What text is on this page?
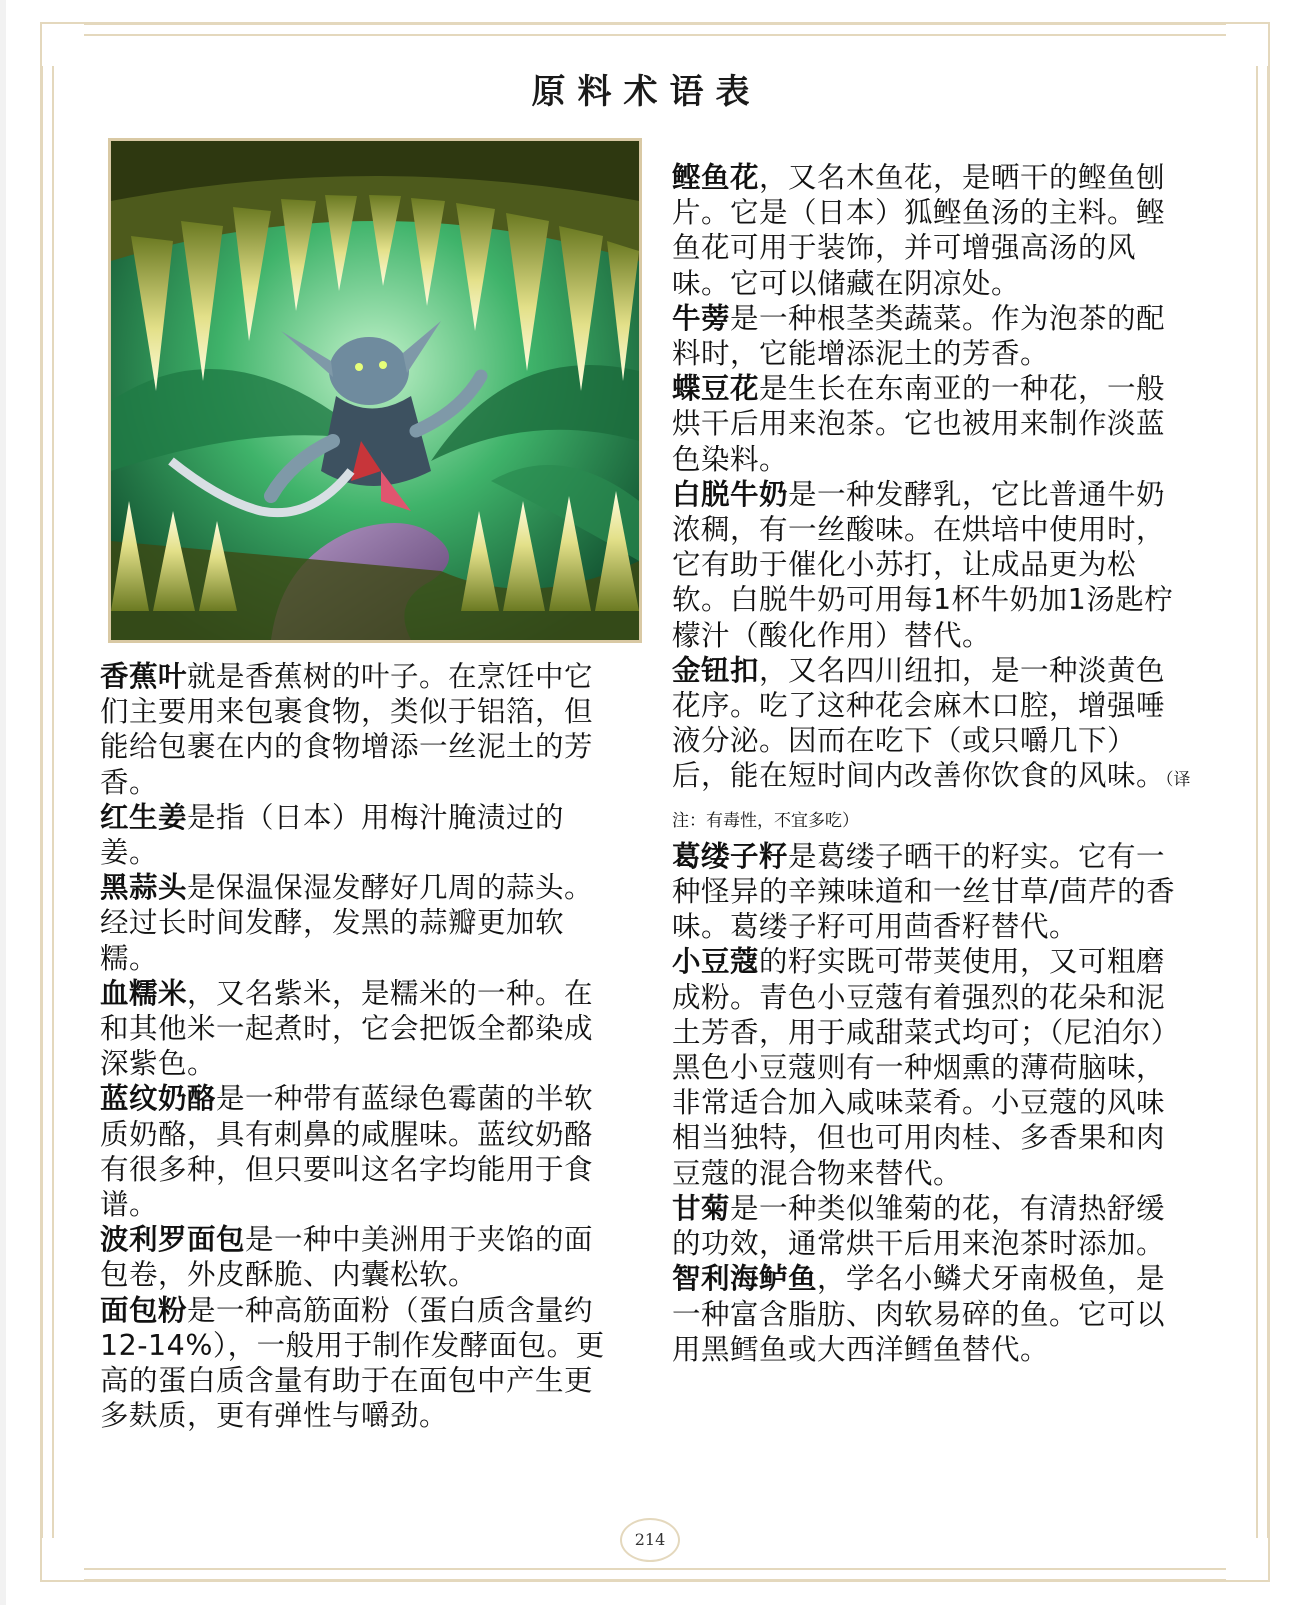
原料术语表

香蕉叶就是香蕉树的叶子。在烹饪中它们主要用来包裹食物，类似于铝箔，但能给包裹在内的食物增添一丝泥土的芳香。

红生姜是指（日本）用梅汁腌渍过的姜。

黑蒜头是保温保湿发酵好几周的蒜头。经过长时间发酵，发黑的蒜瓣更加软糯。

血糯米，又名紫米，是糯米的一种。在和其他米一起煮时，它会把饭全都染成深紫色。

蓝纹奶酪是一种带有蓝绿色霉菌的半软质奶酪，具有刺鼻的咸腥味。蓝纹奶酪有很多种，但只要叫这名字均能用于食谱。

波利罗面包是一种中美洲用于夹馅的面包卷，外皮酥脆、内囊松软。

面包粉是一种高筋面粉（蛋白质含量约12-14%），一般用于制作发酵面包。更高的蛋白质含量有助于在面包中产生更多麸质，更有弹性与嚼劲。

鲣鱼花，又名木鱼花，是晒干的鲣鱼刨片。它是（日本）狐鲣鱼汤的主料。鲣鱼花可用于装饰，并可增强高汤的风味。它可以储藏在阴凉处。

牛蒡是一种根茎类蔬菜。作为泡茶的配料时，它能增添泥土的芳香。

蝶豆花是生长在东南亚的一种花，一般烘干后用来泡茶。它也被用来制作淡蓝色染料。

白脱牛奶是一种发酵乳，它比普通牛奶浓稠，有一丝酸味。在烘培中使用时，它有助于催化小苏打，让成品更为松软。白脱牛奶可用每1杯牛奶加1汤匙柠檬汁（酸化作用）替代。

金钮扣，又名四川纽扣，是一种淡黄色花序。吃了这种花会麻木口腔，增强唾液分泌。因而在吃下（或只嚼几下）后，能在短时间内改善你饮食的风味。（译注：有毒性，不宜多吃）

葛缕子籽是葛缕子晒干的籽实。它有一种怪异的辛辣味道和一丝甘草/茴芹的香味。葛缕子籽可用茴香籽替代。

小豆蔻的籽实既可带荚使用，又可粗磨成粉。青色小豆蔻有着强烈的花朵和泥土芳香，用于咸甜菜式均可；（尼泊尔）黑色小豆蔻则有一种烟熏的薄荷脑味，非常适合加入咸味菜肴。小豆蔻的风味相当独特，但也可用肉桂、多香果和肉豆蔻的混合物来替代。

甘菊是一种类似雏菊的花，有清热舒缓的功效，通常烘干后用来泡茶时添加。

智利海鲈鱼，学名小鳞犬牙南极鱼，是一种富含脂肪、肉软易碎的鱼。它可以用黑鳕鱼或大西洋鳕鱼替代。

214
